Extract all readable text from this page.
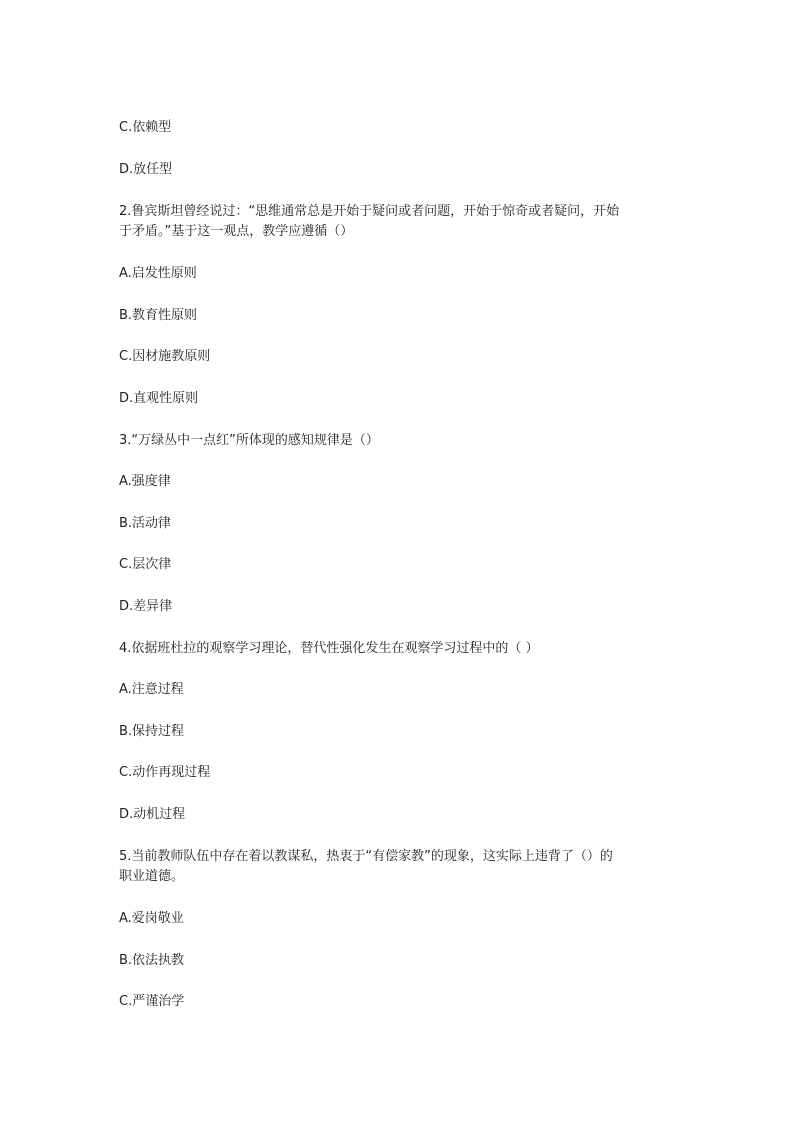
C.依赖型
D.放任型
2.鲁宾斯坦曾经说过：“思维通常总是开始于疑问或者问题，开始于惊奇或者疑问，开始
于矛盾。”基于这一观点，教学应遵循（）
A.启发性原则
B.教育性原则
C.因材施教原则
D.直观性原则
3.“万绿丛中一点红”所体现的感知规律是（）
A.强度律
B.活动律
C.层次律
D.差异律
4.依据班杜拉的观察学习理论，替代性强化发生在观察学习过程中的（ ）
A.注意过程
B.保持过程
C.动作再现过程
D.动机过程
5.当前教师队伍中存在着以教谋私，热衷于“有偿家教”的现象，这实际上违背了（）的
职业道德。
A.爱岗敬业
B.依法执教
C.严谨治学
